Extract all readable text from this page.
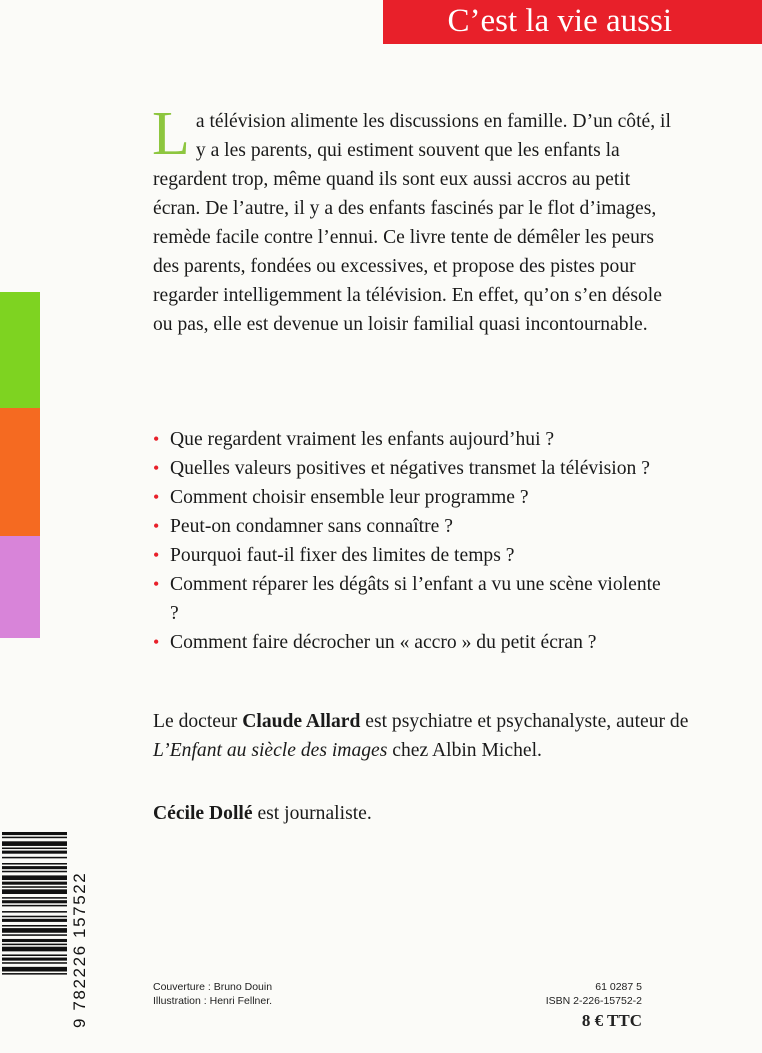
C’est la vie aussi
La télévision alimente les discussions en famille. D’un côté, il y a les parents, qui estiment souvent que les enfants la regardent trop, même quand ils sont eux aussi accros au petit écran. De l’autre, il y a des enfants fascinés par le flot d’images, remède facile contre l’ennui. Ce livre tente de démêler les peurs des parents, fondées ou excessives, et propose des pistes pour regarder intelligemment la télévision. En effet, qu’on s’en désole ou pas, elle est devenue un loisir familial quasi incontournable.
• Que regardent vraiment les enfants aujourd’hui ?
• Quelles valeurs positives et négatives transmet la télévision ?
• Comment choisir ensemble leur programme ?
• Peut-on condamner sans connaître ?
• Pourquoi faut-il fixer des limites de temps ?
• Comment réparer les dégâts si l’enfant a vu une scène violente ?
• Comment faire décrocher un « accro » du petit écran ?
Le docteur Claude Allard est psychiatre et psychanalyste, auteur de L’Enfant au siècle des images chez Albin Michel.
Cécile Dollé est journaliste.
9 782226 157522	Couverture : Bruno Douin
Illustration : Henri Fellner.
61 0287 5
ISBN 2-226-15752-2
8 € TTC
